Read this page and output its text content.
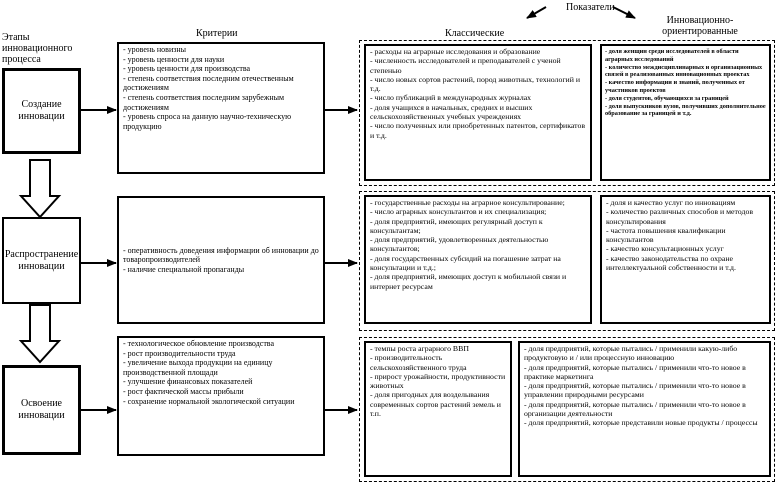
Этапы инновационного процесса
Критерии
Показатели
Классические
Инновационно-ориентированные
Создание инновации
Распространение инновации
Освоение инновации
- уровень новизны
- уровень ценности для науки
- уровень ценности для производства
- степень соответствия последним отечественным достижениям
- степень соответствия последним зарубежным достижениям
- уровень спроса на данную научно-техническую продукцию
- оперативность доведения информации об инновации до товаропроизводителей
- наличие специальной пропаганды
- технологическое обновление производства
- рост производительности труда
- увеличение выхода продукции на единицу производственной площади
- улучшение финансовых показателей
- рост фактической массы прибыли
- сохранение нормальной экологической ситуации
- расходы на аграрные исследования и образование
- численность исследователей и преподавателей с ученой степенью
- число новых сортов растений, пород животных, технологий и т.д.
- число публикаций в международных журналах
- доля учащихся в начальных, средних и высших сельскохозяйственных учебных учреждениях
- число полученных или приобретенных патентов, сертификатов и т.д.
- государственные расходы на аграрное консультирование;
- число аграрных консультантов и их специализация;
- доля предприятий, имеющих регулярный доступ к консультантам;
- доля предприятий, удовлетворенных деятельностью консультантов;
- доля государственных субсидий на погашение затрат на консультации и т.д.;
- доля предприятий, имеющих доступ к мобильной связи и интернет ресурсам
- темпы роста аграрного ВВП
- производительность сельскохозяйственного труда
- прирост урожайности, продуктивности животных
- доля пригодных для возделывания современных сортов растений земель и т.п.
- доля женщин среди исследователей в области аграрных исследований
- количество междисциплинарных и организационных связей в реализованных инновационных проектах
- качество информации и знаний, полученных от участников проектов
- доля студентов, обучающихся за границей
- доля выпускников вузов, получивших дополнительное образование за границей и т.д.
- доля и качество услуг по инновациям
- количество различных способов и методов консультирования
- частота повышения квалификации консультантов
- качество консультационных услуг
- качество законодательства по охране интеллектуальной собственности и т.д.
- доля предприятий, которые пытались / применили какую-либо продуктовую и / или процессную инновацию
- доля предприятий, которые пытались / применили что-то новое в практике маркетинга
- доля предприятий, которые пытались / применили что-то новое в управлении природными ресурсами
- доля предприятий, которые пытались / применили что-то новое в организации деятельности
- доля предприятий, которые представили новые продукты / процессы
